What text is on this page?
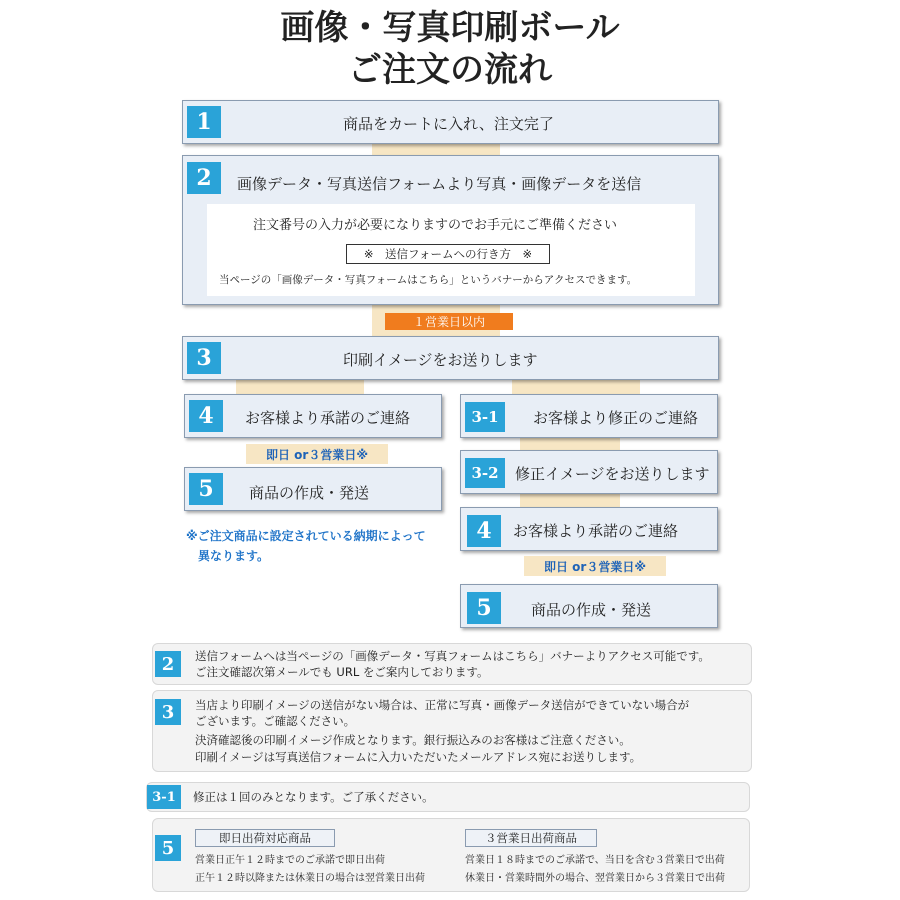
画像・写真印刷ボール
ご注文の流れ
1	商品をカートに入れ、注文完了
2	画像データ・写真送信フォームより写真・画像データを送信
注文番号の入力が必要になりますのでお手元にご準備ください
※　送信フォームへの行き方　※
当ページの「画像データ・写真フォームはこちら」というバナーからアクセスできます。
１営業日以内
3	印刷イメージをお送りします
4	お客様より承諾のご連絡
即日 or３営業日※
5	商品の作成・発送
※ご注文商品に設定されている納期によって
異なります。
3-1	お客様より修正のご連絡
3-2	修正イメージをお送りします
4	お客様より承諾のご連絡
即日 or３営業日※
5	商品の作成・発送
2	送信フォームへは当ページの「画像データ・写真フォームはこちら」バナーよりアクセス可能です。
ご注文確認次第メールでも URL をご案内しております。
3	当店より印刷イメージの送信がない場合は、正常に写真・画像データ送信ができていない場合が
ございます。ご確認ください。
決済確認後の印刷イメージ作成となります。銀行振込みのお客様はご注意ください。
印刷イメージは写真送信フォームに入力いただいたメールアドレス宛にお送りします。
3-1	修正は１回のみとなります。ご了承ください。
5	即日出荷対応商品
営業日正午１２時までのご承諾で即日出荷
正午１２時以降または休業日の場合は翌営業日出荷
３営業日出荷商品
営業日１８時までのご承諾で、当日を含む３営業日で出荷
休業日・営業時間外の場合、翌営業日から３営業日で出荷
